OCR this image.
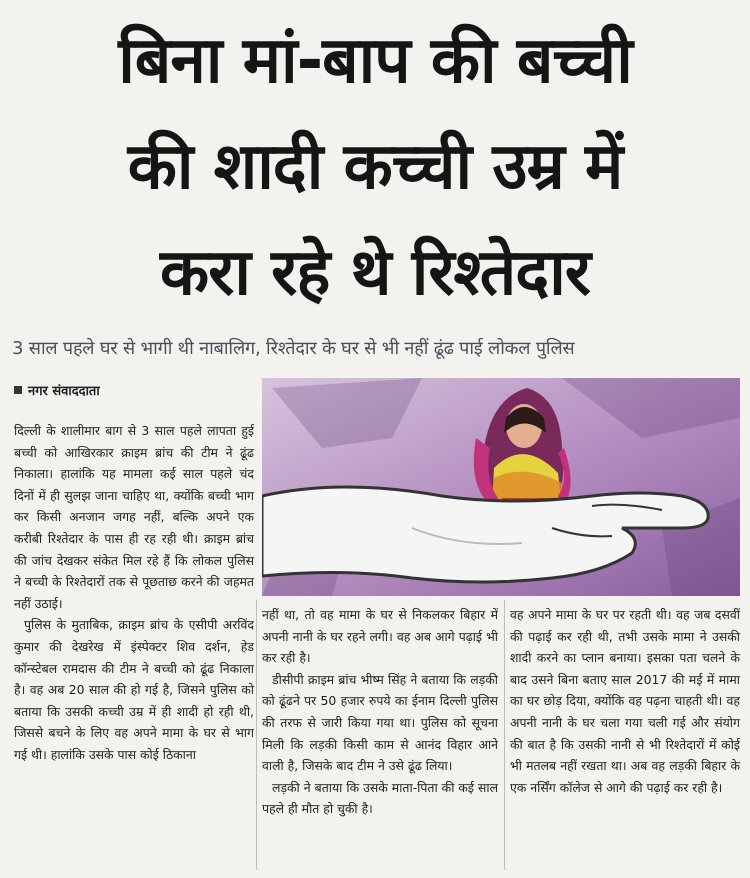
बिना मां-बाप की बच्ची
की शादी कच्ची उम्र में
करा रहे थे रिश्तेदार
3 साल पहले घर से भागी थी नाबालिग, रिश्तेदार के घर से भी नहीं ढूंढ पाई लोकल पुलिस
नगर संवाददाता

दिल्ली के शालीमार बाग से 3 साल पहले लापता हुई बच्ची को आखिरकार क्राइम ब्रांच की टीम ने ढूंढ निकाला। हालांकि यह मामला कई साल पहले चंद दिनों में ही सुलझ जाना चाहिए था, क्योंकि बच्ची भाग कर किसी अनजान जगह नहीं, बल्कि अपने एक करीबी रिश्तेदार के पास ही रह रही थी। क्राइम ब्रांच की जांच देखकर संकेत मिल रहे हैं कि लोकल पुलिस ने बच्ची के रिश्तेदारों तक से पूछताछ करने की जहमत नहीं उठाई।

पुलिस के मुताबिक, क्राइम ब्रांच के एसीपी अरविंद कुमार की देखरेख में इंस्पेक्टर शिव दर्शन, हेड कॉन्स्टेबल रामदास की टीम ने बच्ची को ढूंढ निकाला है। वह अब 20 साल की हो गई है, जिसने पुलिस को बताया कि उसकी कच्ची उम्र में ही शादी हो रही थी, जिससे बचने के लिए वह अपने मामा के घर से भाग गई थी। हालांकि उसके पास कोई ठिकाना

नहीं था, तो वह मामा के घर से निकलकर बिहार में अपनी नानी के घर रहने लगी। वह अब आगे पढ़ाई भी कर रही है।

डीसीपी क्राइम ब्रांच भीष्म सिंह ने बताया कि लड़की को ढूंढने पर 50 हजार रुपये का ईनाम दिल्ली पुलिस की तरफ से जारी किया गया था। पुलिस को सूचना मिली कि लड़की किसी काम से आनंद विहार आने वाली है, जिसके बाद टीम ने उसे ढूंढ लिया।

लड़की ने बताया कि उसके माता-पिता की कई साल पहले ही मौत हो चुकी है।

वह अपने मामा के घर पर रहती थी। वह जब दसवीं की पढ़ाई कर रही थी, तभी उसके मामा ने उसकी शादी करने का प्लान बनाया। इसका पता चलने के बाद उसने बिना बताए साल 2017 की मई में मामा का घर छोड़ दिया, क्योंकि वह पढ़ना चाहती थी। वह अपनी नानी के घर चला गया चली गई और संयोग की बात है कि उसकी नानी से भी रिश्तेदारों में कोई भी मतलब नहीं रखता था। अब वह लड़की बिहार के एक नर्सिंग कॉलेज से आगे की पढ़ाई कर रही है।
